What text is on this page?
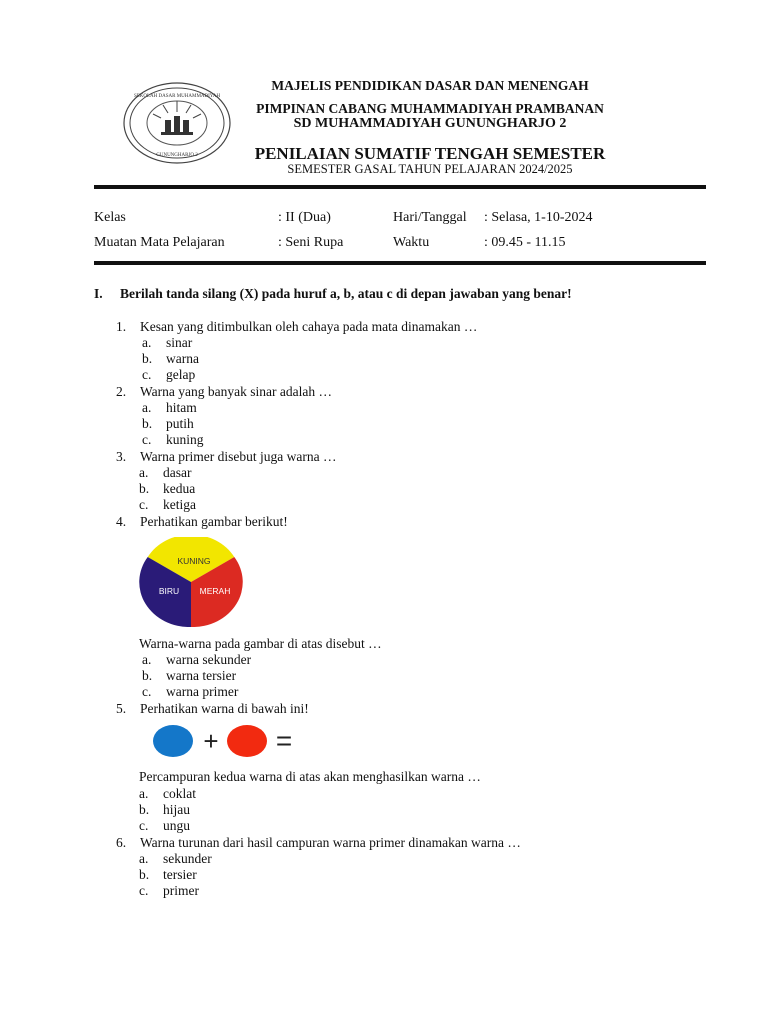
SEKOLAH DASAR MUHAMMADIYAH
GUNUNGHARJO 2
MAJELIS PENDIDIKAN DASAR DAN MENENGAH
PIMPINAN CABANG MUHAMMADIYAH PRAMBANAN
SD MUHAMMADIYAH GUNUNGHARJO 2
PENILAIAN SUMATIF TENGAH SEMESTER
SEMESTER GASAL TAHUN PELAJARAN 2024/2025
Kelas	: II (Dua)	Hari/Tanggal : Selasa, 1-10-2024
Muatan Mata Pelajaran	: Seni Rupa	Waktu	: 09.45 - 11.15
I. Berilah tanda silang (X) pada huruf a, b, atau c di depan jawaban yang benar!
1. Kesan yang ditimbulkan oleh cahaya pada mata dinamakan …
a. sinar
b. warna
c. gelap
2. Warna yang banyak sinar adalah …
a. hitam
b. putih
c. kuning
3. Warna primer disebut juga warna …
a. dasar
b. kedua
c. ketiga
4. Perhatikan gambar berikut!
KUNING
BIRU MERAH
Warna-warna pada gambar di atas disebut …
a. warna sekunder
b. warna tersier
c. warna primer
5. Perhatikan warna di bawah ini!
+ =
Percampuran kedua warna di atas akan menghasilkan warna …
a. coklat
b. hijau
c. ungu
6. Warna turunan dari hasil campuran warna primer dinamakan warna …
a. sekunder
b. tersier
c. primer
